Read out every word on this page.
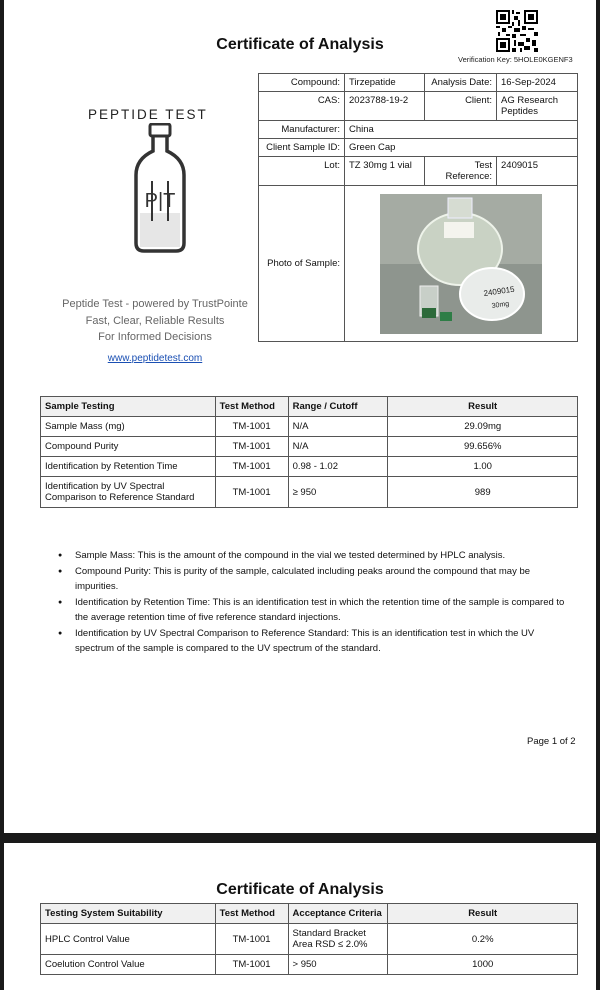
Certificate of Analysis
Verification Key: 5HOLE0KGENF3
PEPTIDE TEST
P|T
Peptide Test - powered by TrustPointe
Fast, Clear, Reliable Results
For Informed Decisions
www.peptidetest.com
Compound:	Tirzepatide	Analysis Date:	16-Sep-2024
CAS:	2023788-19-2	Client:	AG Research Peptides
Manufacturer:	China		
Client Sample ID:	Green Cap		
Lot:	TZ 30mg 1 vial	Test Reference:	2409015
Photo of Sample:	2409015
30mg		
Sample Testing	Test Method	Range / Cutoff	Result
Sample Mass (mg)	TM-1001	N/A	29.09mg
Compound Purity	TM-1001	N/A	99.656%
Identification by Retention Time	TM-1001	0.98 - 1.02	1.00
Identification by UV Spectral Comparison to Reference Standard	TM-1001	≥ 950	989
● Sample Mass: This is the amount of the compound in the vial we tested determined by HPLC analysis.
● Compound Purity: This is purity of the sample, calculated including peaks around the compound that may be impurities.
● Identification by Retention Time: This is an identification test in which the retention time of the sample is compared to the average retention time of five reference standard injections.
● Identification by UV Spectral Comparison to Reference Standard: This is an identification test in which the UV spectrum of the sample is compared to the UV spectrum of the standard.
Page 1 of 2
Certificate of Analysis
Testing System Suitability	Test Method	Acceptance Criteria	Result
HPLC Control Value	TM-1001	Standard Bracket Area RSD ≤ 2.0%	0.2%
Coelution Control Value	TM-1001	> 950	1000
